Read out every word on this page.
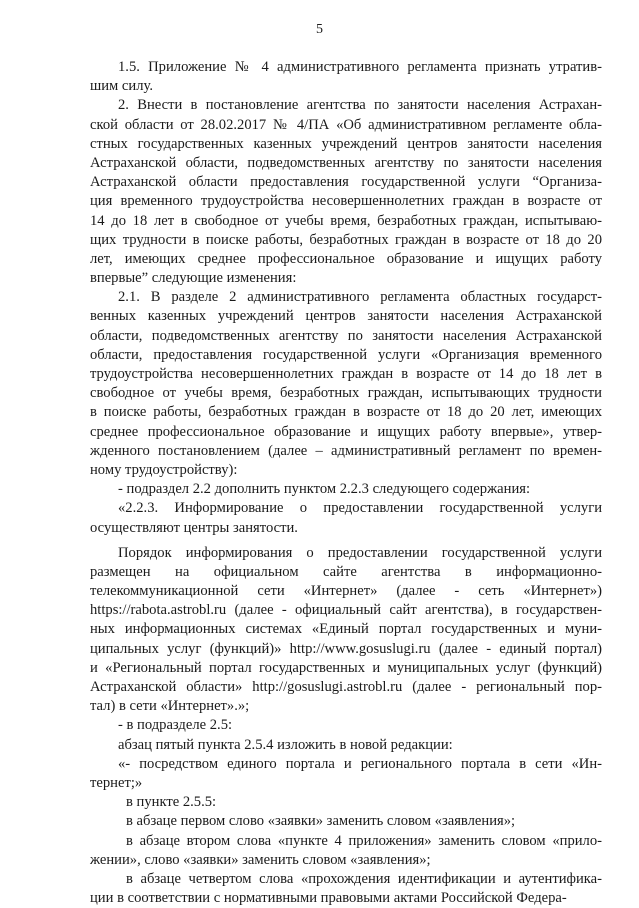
5
1.5. Приложение № 4 административного регламента признать утратив-
шим силу.
2. Внести в постановление агентства по занятости населения Астрахан-
ской области от 28.02.2017 № 4/ПА «Об административном регламенте обла-
стных государственных казенных учреждений центров занятости населения
Астраханской области, подведомственных агентству по занятости населения
Астраханской области предоставления государственной услуги “Организа-
ция временного трудоустройства несовершеннолетних граждан в возрасте от
14 до 18 лет в свободное от учебы время, безработных граждан, испытываю-
щих трудности в поиске работы, безработных граждан в возрасте от 18 до 20
лет, имеющих среднее профессиональное образование и ищущих работу
впервые” следующие изменения:
2.1. В разделе 2 административного регламента областных государст-
венных казенных учреждений центров занятости населения Астраханской
области, подведомственных агентству по занятости населения Астраханской
области, предоставления государственной услуги «Организация временного
трудоустройства несовершеннолетних граждан в возрасте от 14 до 18 лет в
свободное от учебы время, безработных граждан, испытывающих трудности
в поиске работы, безработных граждан в возрасте от 18 до 20 лет, имеющих
среднее профессиональное образование и ищущих работу впервые», утвер-
жденного постановлением (далее – административный регламент по времен-
ному трудоустройству):
- подраздел 2.2 дополнить пунктом 2.2.3 следующего содержания:
«2.2.3. Информирование о предоставлении государственной услуги
осуществляют центры занятости.
Порядок информирования о предоставлении государственной услуги
размещен на официальном сайте агентства в информационно-
телекоммуникационной сети «Интернет» (далее - сеть «Интернет»)
https://rabota.astrobl.ru (далее - официальный сайт агентства), в государствен-
ных информационных системах «Единый портал государственных и муни-
ципальных услуг (функций)» http://www.gosuslugi.ru (далее - единый портал)
и «Региональный портал государственных и муниципальных услуг (функций)
Астраханской области» http://gosuslugi.astrobl.ru (далее - региональный пор-
тал) в сети «Интернет».»;
- в подразделе 2.5:
абзац пятый пункта 2.5.4 изложить в новой редакции:
«- посредством единого портала и регионального портала в сети «Ин-
тернет;»
в пункте 2.5.5:
в абзаце первом слово «заявки» заменить словом «заявления»;
в абзаце втором слова «пункте 4 приложения» заменить словом «прило-
жении», слово «заявки» заменить словом «заявления»;
в абзаце четвертом слова «прохождения идентификации и аутентифика-
ции в соответствии с нормативными правовыми актами Российской Федера-
